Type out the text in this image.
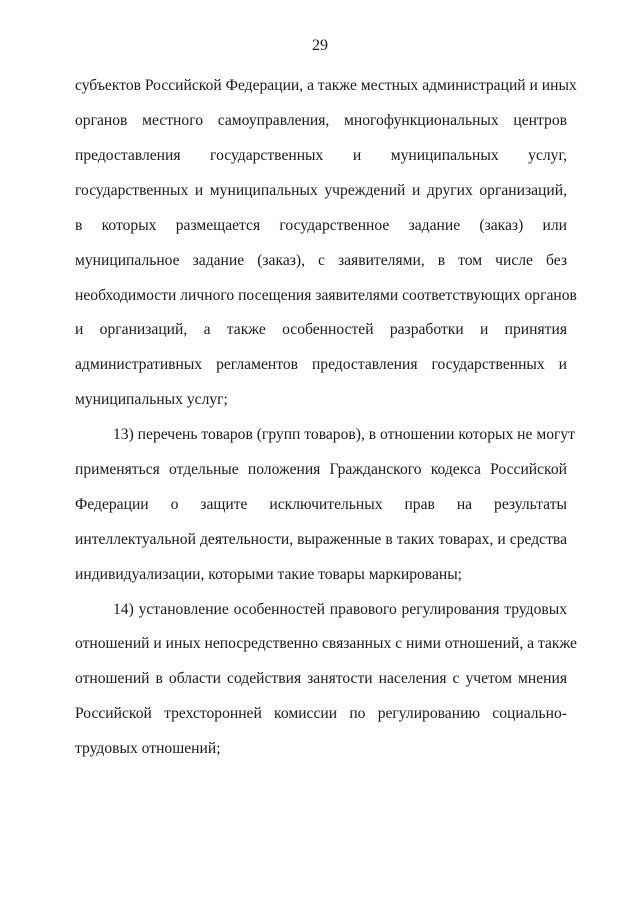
29
субъектов Российской Федерации, а также местных администраций и иных
органов местного самоуправления, многофункциональных центров
предоставления государственных и муниципальных услуг,
государственных и муниципальных учреждений и других организаций,
в которых размещается государственное задание (заказ) или
муниципальное задание (заказ), с заявителями, в том числе без
необходимости личного посещения заявителями соответствующих органов
и организаций, а также особенностей разработки и принятия
административных регламентов предоставления государственных и
муниципальных услуг;
13) перечень товаров (групп товаров), в отношении которых не могут
применяться отдельные положения Гражданского кодекса Российской
Федерации о защите исключительных прав на результаты
интеллектуальной деятельности, выраженные в таких товарах, и средства
индивидуализации, которыми такие товары маркированы;
14) установление особенностей правового регулирования трудовых
отношений и иных непосредственно связанных с ними отношений, а также
отношений в области содействия занятости населения с учетом мнения
Российской трехсторонней комиссии по регулированию социально-
трудовых отношений;
